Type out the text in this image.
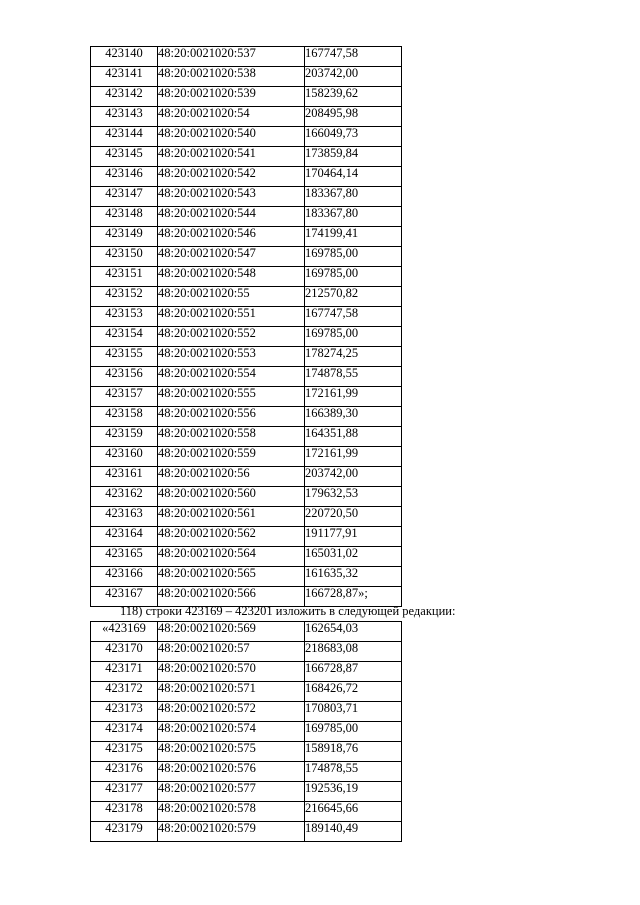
423140	48:20:0021020:537	167747,58
423141	48:20:0021020:538	203742,00
423142	48:20:0021020:539	158239,62
423143	48:20:0021020:54	208495,98
423144	48:20:0021020:540	166049,73
423145	48:20:0021020:541	173859,84
423146	48:20:0021020:542	170464,14
423147	48:20:0021020:543	183367,80
423148	48:20:0021020:544	183367,80
423149	48:20:0021020:546	174199,41
423150	48:20:0021020:547	169785,00
423151	48:20:0021020:548	169785,00
423152	48:20:0021020:55	212570,82
423153	48:20:0021020:551	167747,58
423154	48:20:0021020:552	169785,00
423155	48:20:0021020:553	178274,25
423156	48:20:0021020:554	174878,55
423157	48:20:0021020:555	172161,99
423158	48:20:0021020:556	166389,30
423159	48:20:0021020:558	164351,88
423160	48:20:0021020:559	172161,99
423161	48:20:0021020:56	203742,00
423162	48:20:0021020:560	179632,53
423163	48:20:0021020:561	220720,50
423164	48:20:0021020:562	191177,91
423165	48:20:0021020:564	165031,02
423166	48:20:0021020:565	161635,32
423167	48:20:0021020:566	166728,87»;
118) строки 423169 – 423201 изложить в следующей редакции:
«423169	48:20:0021020:569	162654,03
423170	48:20:0021020:57	218683,08
423171	48:20:0021020:570	166728,87
423172	48:20:0021020:571	168426,72
423173	48:20:0021020:572	170803,71
423174	48:20:0021020:574	169785,00
423175	48:20:0021020:575	158918,76
423176	48:20:0021020:576	174878,55
423177	48:20:0021020:577	192536,19
423178	48:20:0021020:578	216645,66
423179	48:20:0021020:579	189140,49
